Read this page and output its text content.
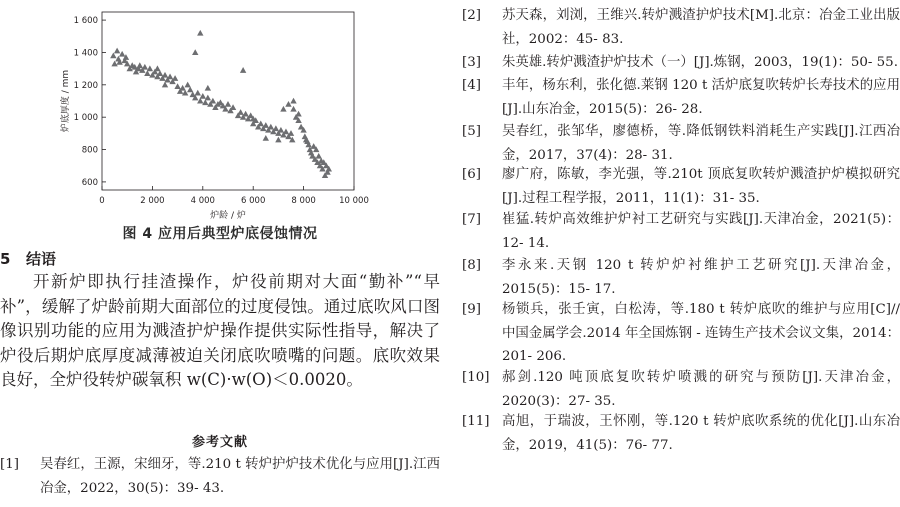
0	2 000	4 000	6 000	8 000	10 000
600
800
1 000
1 200
1 400
1 600
炉龄 / 炉
炉底厚度 / mm
图 4 应用后典型炉底侵蚀情况
5 结语

开新炉即执行挂渣操作，炉役前期对大面“勤补”“早补”，缓解了炉龄前期大面部位的过度侵蚀。通过底吹风口图像识别功能的应用为溅渣护炉操作提供实际性指导，解决了炉役后期炉底厚度减薄被迫关闭底吹喷嘴的问题。底吹效果良好，全炉役转炉碳氧积 w(C)·w(O)＜0.0020。

参考文献
[1]	吴春红，王源，宋细牙，等.210 t 转炉护炉技术优化与应用[J].江西冶金，2022，30(5)：39- 43.
[2]	苏天森，刘浏，王维兴.转炉溅渣护炉技术[M].北京：冶金工业出版社，2002：45- 83.
[3]	朱英雄.转炉溅渣护炉技术（一）[J].炼钢，2003，19(1)：50- 55.
[4]	丰年，杨东利，张化德.莱钢 120 t 活炉底复吹转炉长寿技术的应用[J].山东冶金，2015(5)：26- 28.
[5]	吴春红，张邹华，廖德桥，等.降低钢铁料消耗生产实践[J].江西冶金，2017，37(4)：28- 31.
[6]	廖广府，陈敏，李光强，等.210t 顶底复吹转炉溅渣护炉模拟研究[J].过程工程学报，2011，11(1)：31- 35.
[7]	崔猛.转炉高效维护炉衬工艺研究与实践[J].天津冶金，2021(5)：12- 14.
[8]	李永来.天钢 120 t 转炉炉衬维护工艺研究[J].天津冶金，2015(5)：15- 17.
[9]	杨锁兵，张壬寅，白松涛，等.180 t 转炉底吹的维护与应用[C]// 中国金属学会.2014 年全国炼钢 - 连铸生产技术会议文集，2014：201- 206.
[10] 郝剑.120 吨顶底复吹转炉喷溅的研究与预防[J].天津冶金，2020(3)：27- 35.
[11] 高旭，于瑞波，王怀刚，等.120 t 转炉底吹系统的优化[J].山东冶金，2019，41(5)：76- 77.
